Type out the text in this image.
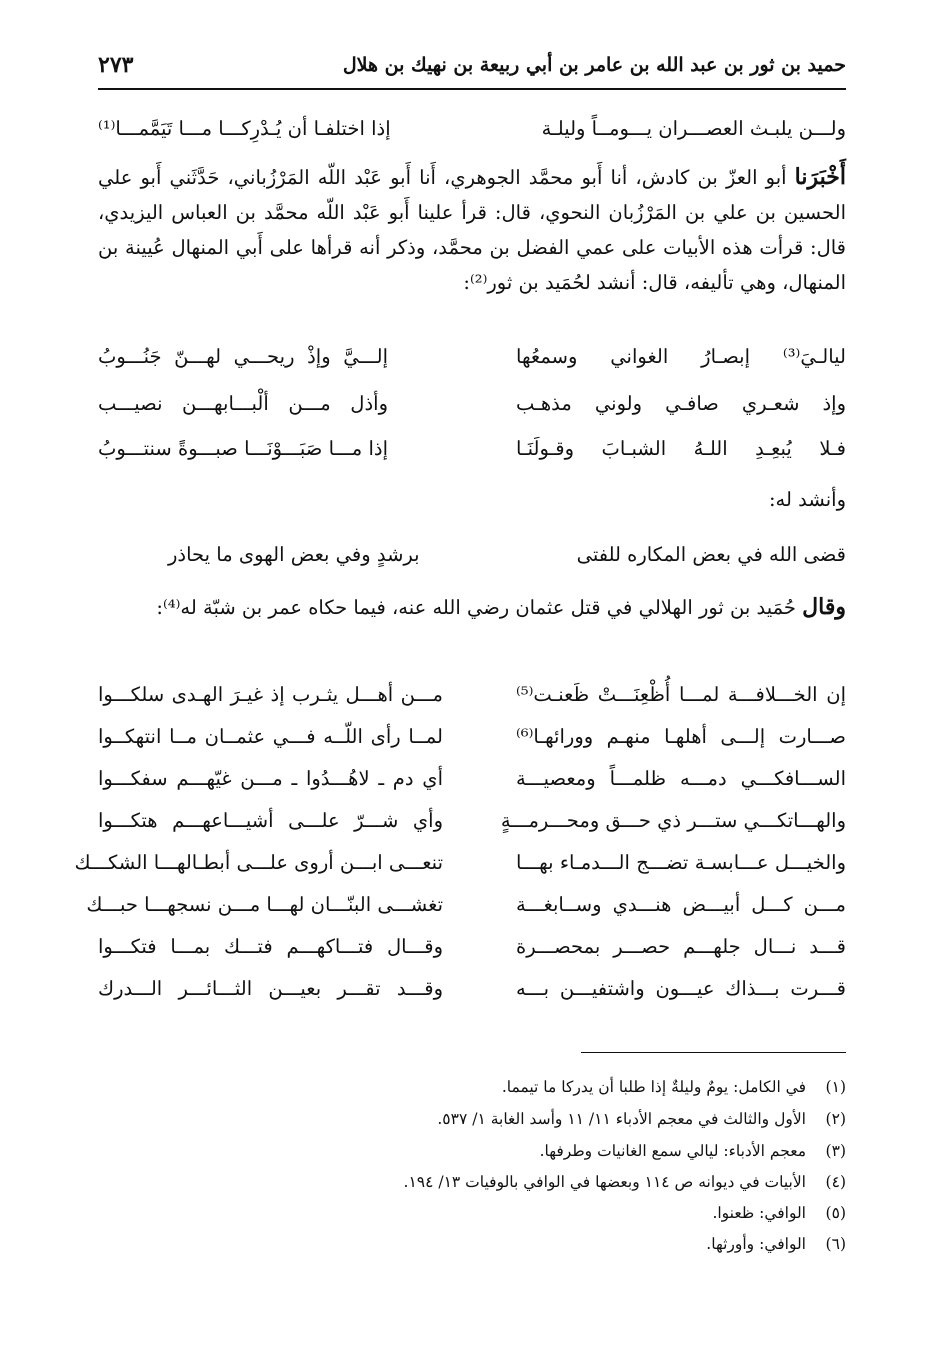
حميد بن ثور بن عبد الله بن عامر بن أبي ربيعة بن نهيك بن هلال
٢٧٣
ولـــن يلبـث العصـــران يـــومــاً وليلـة
إذا اختلفـا أن يُـدْرِكـــا مـــا تَيَمَّمـــا⁽¹⁾
أَخْبَرَنا أبو العزّ بن كادش، أنا أَبو محمَّد الجوهري، أَنا أَبو عَبْد اللّه المَرْزُباني، حَدَّثَني أَبو علي الحسين بن علي بن المَرْزُبان النحوي، قال: قرأ علينا أَبو عَبْد اللّه محمَّد بن العباس اليزيدي، قال: قرأت هذه الأبيات على عمي الفضل بن محمَّد، وذكر أنه قرأها على أَبي المنهال عُيينة بن المنهال، وهي تأليفه، قال: أنشد لحُمَيد بن ثور⁽²⁾:
ليالـيَ⁽³⁾ إبصـارُ الغواني وسمعُها
إلـــيَّ وإذْ ريحـــي لهـــنّ جَنُـــوبُ
وإذ شعـري صافـي ولوني مذهـب
وأذل مـــن ألْبـــابهـــن نصيـــب
فـلا يُبعِـدِ اللـهُ الشبـابَ وقـولَنَـا
إذا مـــا صَبَـــوْنَـــا صبـــوةً سنتـــوبُ
وأنشد له:
قضى الله في بعض المكاره للفتى
برشدٍ وفي بعض الهوى ما يحاذر
وقال حُمَيد بن ثور الهلالي في قتل عثمان رضي الله عنه، فيما حكاه عمر بن شبّة له⁽⁴⁾:
إن الخـــلافـــة لمـــا أُظْعِنَـــتْ ظَعنـت⁽⁵⁾
مـــن أهـــل يثـرب إذ غيـرَ الهـدى سلكـــوا
صـــارت إلـــى أهلهـا منهـم وورائهـا⁽⁶⁾
لمــا رأى اللّــه فـــي عثمــان مــا انتهكــوا
الســـافكـــي دمـــه ظلمـــاً ومعصيـــة
أي دم ـ لاهُـــدُوا ـ مـــن غيّهـــم سفكـــوا
والهـــاتكـــي ستـــر ذي حـــق ومحـــرمـــةٍ
وأي شـــرّ علـــى أشيـــاعهـــم هتكـــوا
والخيـــل عـــابسـة تضـــج الـــدمـاء بهـــا
تنعـــى ابـــن أروى علـــى أبطـالهـــا الشكـــك
مـــن كـــل أبيـــض هنـــدي وســابغـــة
تغشـــى البنّـــان لهـــا مـــن نسجهـــا حبـــك
قـــد نـــال جلهـــم حصـــر بمحصـــرة
وقـــال فتـــاكهـــم فتـــك بمـــا فتكـــوا
قـــرت بـــذاك عيـــون واشتفيـــن بـــه
وقـــد تقـــر بعيـــن الثـــائـــر الـــدرك
(١)في الكامل: يومٌ وليلةٌ إذا طلبا أن يدركا ما تيمما.
(٢)الأول والثالث في معجم الأدباء ١١/ ١١ وأسد الغابة ١/ ٥٣٧.
(٣)معجم الأدباء: ليالي سمع الغانيات وطرفها.
(٤)الأبيات في ديوانه ص ١١٤ وبعضها في الوافي بالوفيات ١٣/ ١٩٤.
(٥)الوافي: ظعنوا.
(٦)الوافي: وأورثها.
